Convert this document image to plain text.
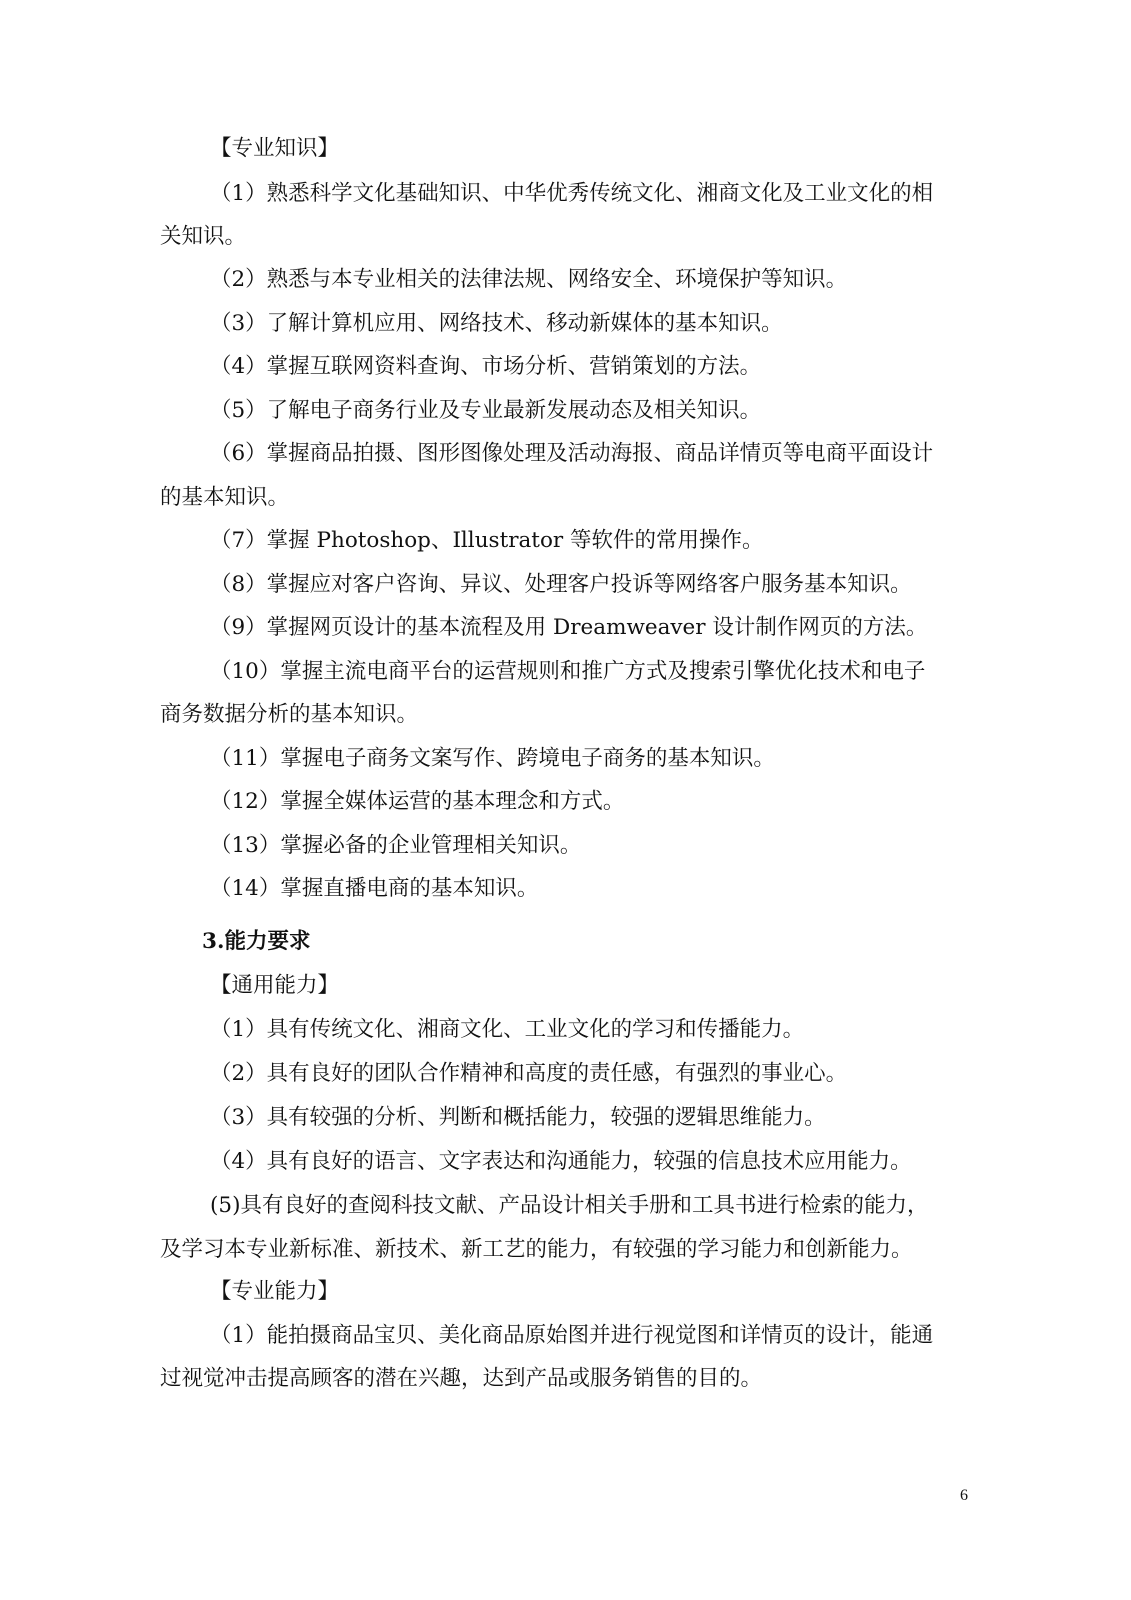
【专业知识】
（1）熟悉科学文化基础知识、中华优秀传统文化、湘商文化及工业文化的相
关知识。
（2）熟悉与本专业相关的法律法规、网络安全、环境保护等知识。
（3）了解计算机应用、网络技术、移动新媒体的基本知识。
（4）掌握互联网资料查询、市场分析、营销策划的方法。
（5）了解电子商务行业及专业最新发展动态及相关知识。
（6）掌握商品拍摄、图形图像处理及活动海报、商品详情页等电商平面设计
的基本知识。
（7）掌握 Photoshop、Illustrator 等软件的常用操作。
（8）掌握应对客户咨询、异议、处理客户投诉等网络客户服务基本知识。
（9）掌握网页设计的基本流程及用 Dreamweaver 设计制作网页的方法。
（10）掌握主流电商平台的运营规则和推广方式及搜索引擎优化技术和电子
商务数据分析的基本知识。
（11）掌握电子商务文案写作、跨境电子商务的基本知识。
（12）掌握全媒体运营的基本理念和方式。
（13）掌握必备的企业管理相关知识。
（14）掌握直播电商的基本知识。
3.能力要求
【通用能力】
（1）具有传统文化、湘商文化、工业文化的学习和传播能力。
（2）具有良好的团队合作精神和高度的责任感，有强烈的事业心。
（3）具有较强的分析、判断和概括能力，较强的逻辑思维能力。
（4）具有良好的语言、文字表达和沟通能力，较强的信息技术应用能力。
(5)具有良好的查阅科技文献、产品设计相关手册和工具书进行检索的能力，
及学习本专业新标准、新技术、新工艺的能力，有较强的学习能力和创新能力。
【专业能力】
（1）能拍摄商品宝贝、美化商品原始图并进行视觉图和详情页的设计，能通
过视觉冲击提高顾客的潜在兴趣，达到产品或服务销售的目的。
6
